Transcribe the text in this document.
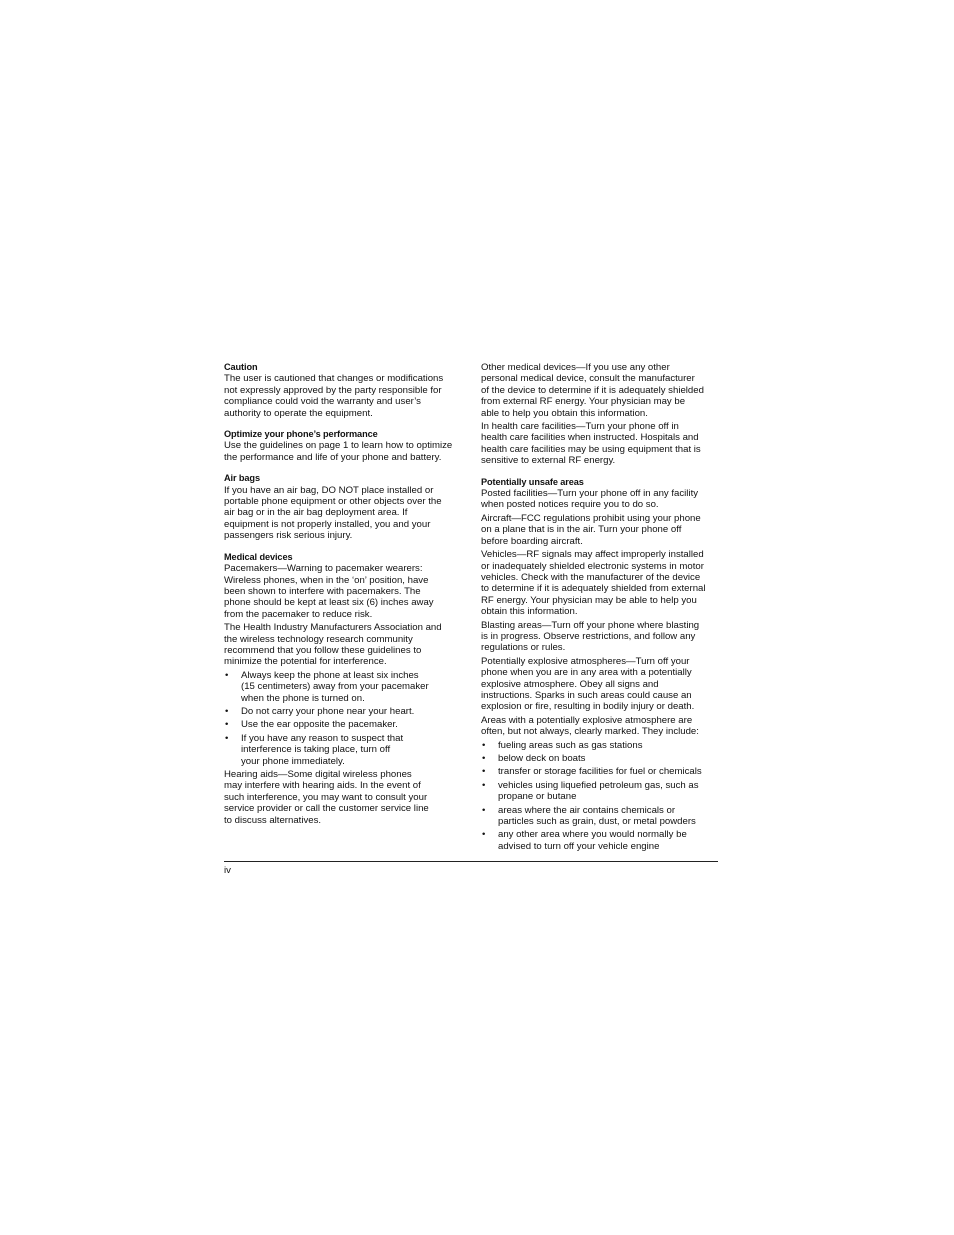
Caution

The user is cautioned that changes or modifications
not expressly approved by the party responsible for
compliance could void the warranty and user’s
authority to operate the equipment.

Optimize your phone’s performance

Use the guidelines on page 1 to learn how to optimize
the performance and life of your phone and battery.

Air bags

If you have an air bag, DO NOT place installed or
portable phone equipment or other objects over the
air bag or in the air bag deployment area. If
equipment is not properly installed, you and your
passengers risk serious injury.

Medical devices

Pacemakers—Warning to pacemaker wearers:
Wireless phones, when in the ‘on’ position, have
been shown to interfere with pacemakers. The
phone should be kept at least six (6) inches away
from the pacemaker to reduce risk.

The Health Industry Manufacturers Association and
the wireless technology research community
recommend that you follow these guidelines to
minimize the potential for interference.

• Always keep the phone at least six inches
(15 centimeters) away from your pacemaker
when the phone is turned on.
• Do not carry your phone near your heart.
• Use the ear opposite the pacemaker.
• If you have any reason to suspect that
interference is taking place, turn off
your phone immediately.

Hearing aids—Some digital wireless phones
may interfere with hearing aids. In the event of
such interference, you may want to consult your
service provider or call the customer service line
to discuss alternatives.

Other medical devices—If you use any other
personal medical device, consult the manufacturer
of the device to determine if it is adequately shielded
from external RF energy. Your physician may be
able to help you obtain this information.

In health care facilities—Turn your phone off in
health care facilities when instructed. Hospitals and
health care facilities may be using equipment that is
sensitive to external RF energy.

Potentially unsafe areas

Posted facilities—Turn your phone off in any facility
when posted notices require you to do so.

Aircraft—FCC regulations prohibit using your phone
on a plane that is in the air. Turn your phone off
before boarding aircraft.

Vehicles—RF signals may affect improperly installed
or inadequately shielded electronic systems in motor
vehicles. Check with the manufacturer of the device
to determine if it is adequately shielded from external
RF energy. Your physician may be able to help you
obtain this information.

Blasting areas—Turn off your phone where blasting
is in progress. Observe restrictions, and follow any
regulations or rules.

Potentially explosive atmospheres—Turn off your
phone when you are in any area with a potentially
explosive atmosphere. Obey all signs and
instructions. Sparks in such areas could cause an
explosion or fire, resulting in bodily injury or death.

Areas with a potentially explosive atmosphere are
often, but not always, clearly marked. They include:

• fueling areas such as gas stations
• below deck on boats
• transfer or storage facilities for fuel or chemicals
• vehicles using liquefied petroleum gas, such as
propane or butane
• areas where the air contains chemicals or
particles such as grain, dust, or metal powders
• any other area where you would normally be
advised to turn off your vehicle engine
iv
